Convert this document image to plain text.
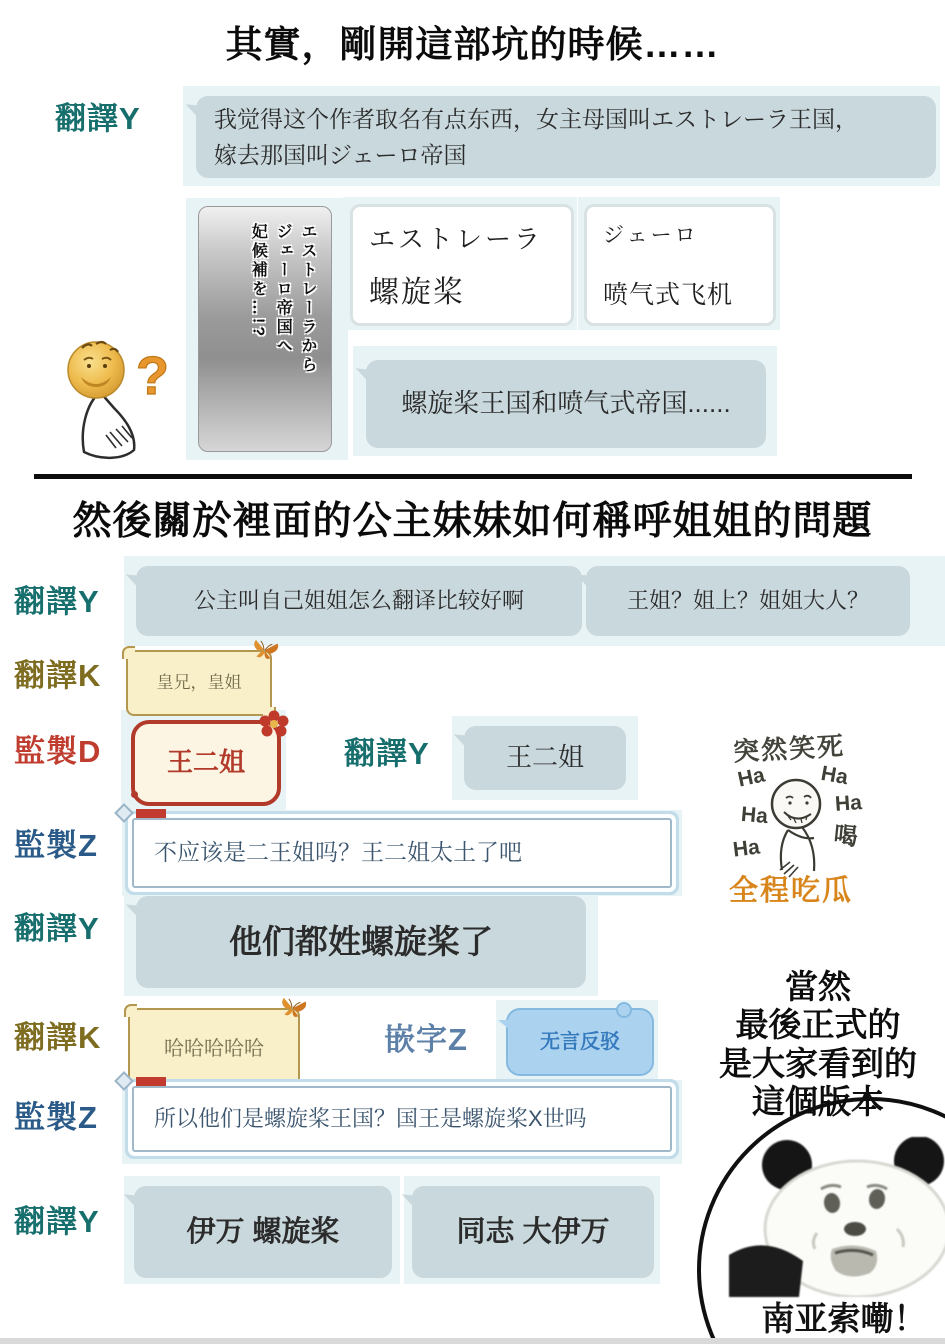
其實，剛開這部坑的時候……
翻譯Y	我觉得这个作者取名有点东西，女主母国叫エストレーラ王国，
嫁去那国叫ジェーロ帝国
?
エストレーラから
ジェーロ帝国へ
妃候補を…!?	エストレーラ
螺旋桨
ジェーロ
喷气式飞机
螺旋桨王国和喷气式帝国......
然後關於裡面的公主妹妹如何稱呼姐姐的問題
翻譯Y	公主叫自己姐姐怎么翻译比较好啊	王姐？姐上？姐姐大人？
翻譯K	皇兄，皇姐
監製D	王二姐	翻譯Y	王二姐	突然笑死
Ha
Ha
Ha
Ha
Ha
喝
全程吃瓜
監製Z	不应该是二王姐吗？王二姐太土了吧
翻譯Y	他们都姓螺旋桨了
翻譯K	哈哈哈哈哈	嵌字Z	无言反驳
監製Z	所以他们是螺旋桨王国？国王是螺旋桨X世吗
翻譯Y	伊万 螺旋桨	同志 大伊万
南亚索嘞！
當然
最後正式的
是大家看到的
這個版本
